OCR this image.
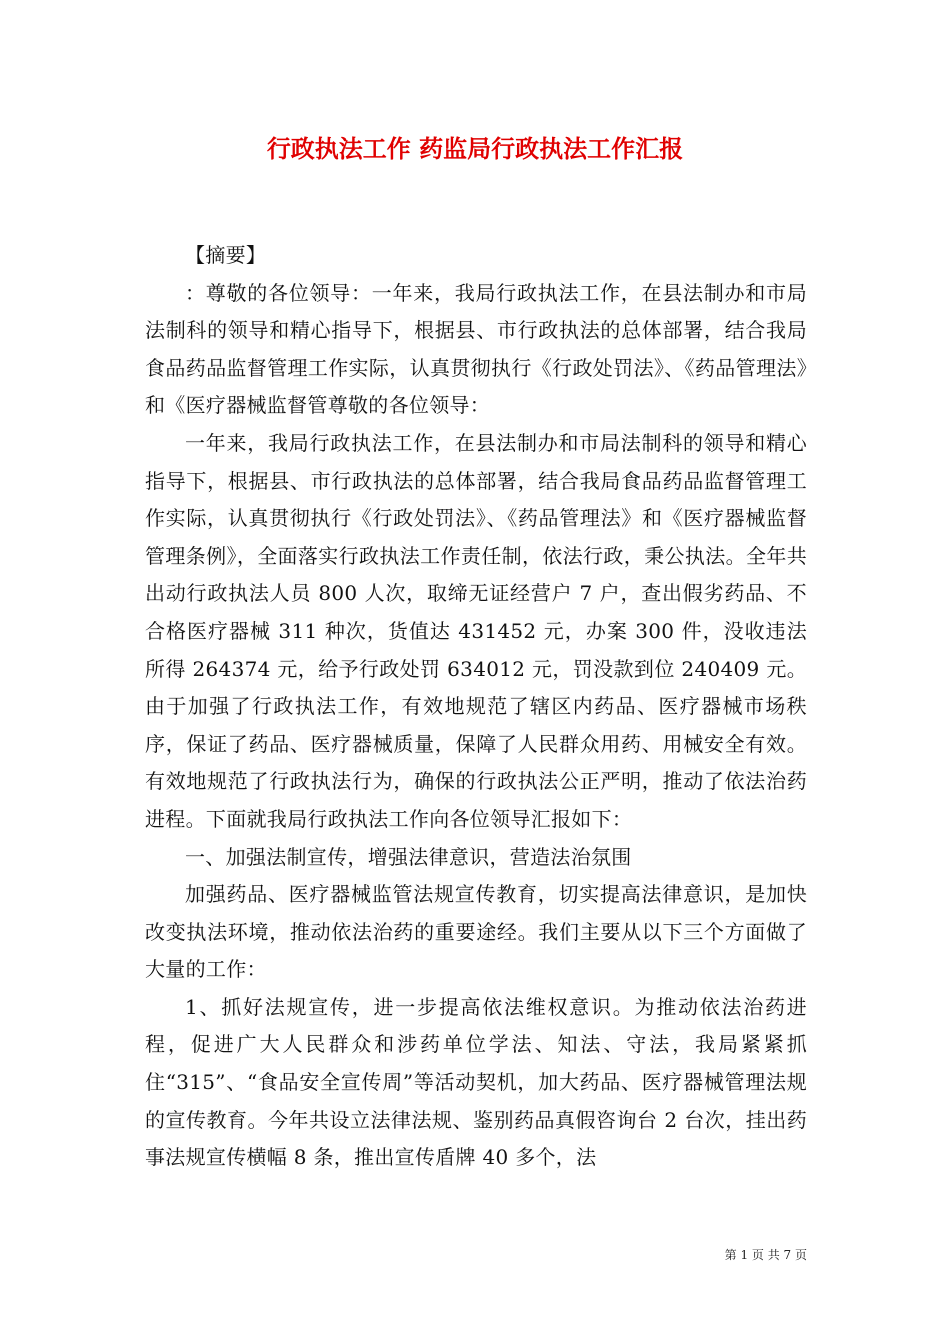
行政执法工作 药监局行政执法工作汇报

【摘要】

：尊敬的各位领导：一年来，我局行政执法工作，在县法制办和市局法制科的领导和精心指导下，根据县、市行政执法的总体部署，结合我局食品药品监督管理工作实际，认真贯彻执行《行政处罚法》、《药品管理法》和《医疗器械监督管尊敬的各位领导：

一年来，我局行政执法工作，在县法制办和市局法制科的领导和精心指导下，根据县、市行政执法的总体部署，结合我局食品药品监督管理工作实际，认真贯彻执行《行政处罚法》、《药品管理法》和《医疗器械监督管理条例》，全面落实行政执法工作责任制，依法行政，秉公执法。全年共出动行政执法人员 800 人次，取缔无证经营户 7 户，查出假劣药品、不合格医疗器械 311 种次，货值达 431452 元，办案 300 件，没收违法所得 264374 元，给予行政处罚 634012 元，罚没款到位 240409 元。由于加强了行政执法工作，有效地规范了辖区内药品、医疗器械市场秩序，保证了药品、医疗器械质量，保障了人民群众用药、用械安全有效。有效地规范了行政执法行为，确保的行政执法公正严明，推动了依法治药进程。下面就我局行政执法工作向各位领导汇报如下：

一、加强法制宣传，增强法律意识，营造法治氛围

加强药品、医疗器械监管法规宣传教育，切实提高法律意识，是加快改变执法环境，推动依法治药的重要途经。我们主要从以下三个方面做了大量的工作：

1、抓好法规宣传，进一步提高依法维权意识。为推动依法治药进程，促进广大人民群众和涉药单位学法、知法、守法，我局紧紧抓住“315”、“食品安全宣传周”等活动契机，加大药品、医疗器械管理法规的宣传教育。今年共设立法律法规、鉴别药品真假咨询台 2 台次，挂出药事法规宣传横幅 8 条，推出宣传盾牌 40 多个，法

第 1 页 共 7 页
